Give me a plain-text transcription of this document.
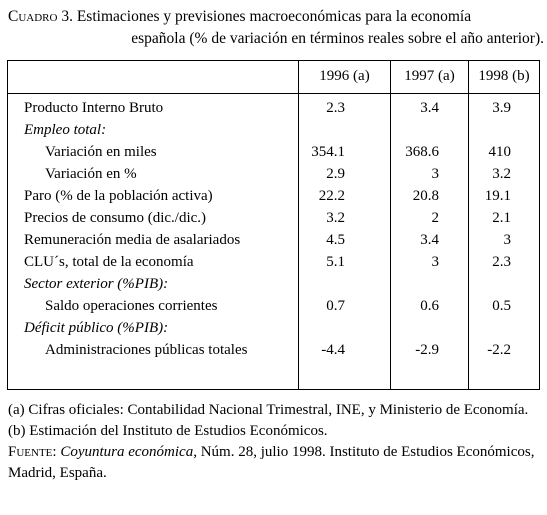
Cuadro 3. Estimaciones y previsiones macroeconómicas para la economía
española (% de variación en términos reales sobre el año anterior).
1996 (a)	1997 (a)	1998 (b)
Producto Interno Bruto	2.3	3.4	3.9
Empleo total:
Variación en miles	354.1	368.6	410
Variación en %	2.9	3	3.2
Paro (% de la población activa)	22.2	20.8	19.1
Precios de consumo (dic./dic.)	3.2	2	2.1
Remuneración media de asalariados	4.5	3.4	3
CLU´s, total de la economía	5.1	3	2.3
Sector exterior (%PIB):
Saldo operaciones corrientes	0.7	0.6	0.5
Déficit público (%PIB):
Administraciones públicas totales	-4.4	-2.9	-2.2

(a) Cifras oficiales: Contabilidad Nacional Trimestral, INE, y Ministerio de Economía.

(b) Estimación del Instituto de Estudios Económicos.

Fuente: Coyuntura económica, Núm. 28, julio 1998. Instituto de Estudios Económicos, Madrid, España.
